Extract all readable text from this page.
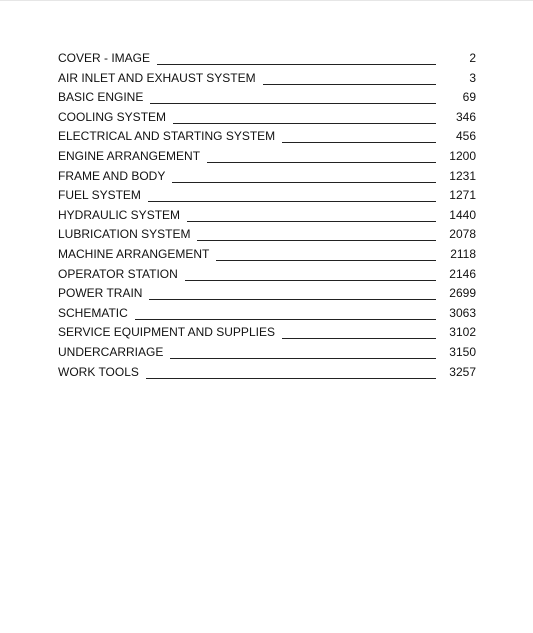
COVER - IMAGE	2
AIR INLET AND EXHAUST SYSTEM	3
BASIC ENGINE	69
COOLING SYSTEM	346
ELECTRICAL AND STARTING SYSTEM	456
ENGINE ARRANGEMENT	1200
FRAME AND BODY	1231
FUEL SYSTEM	1271
HYDRAULIC SYSTEM	1440
LUBRICATION SYSTEM	2078
MACHINE ARRANGEMENT	2118
OPERATOR STATION	2146
POWER TRAIN	2699
SCHEMATIC	3063
SERVICE EQUIPMENT AND SUPPLIES	3102
UNDERCARRIAGE	3150
WORK TOOLS	3257
